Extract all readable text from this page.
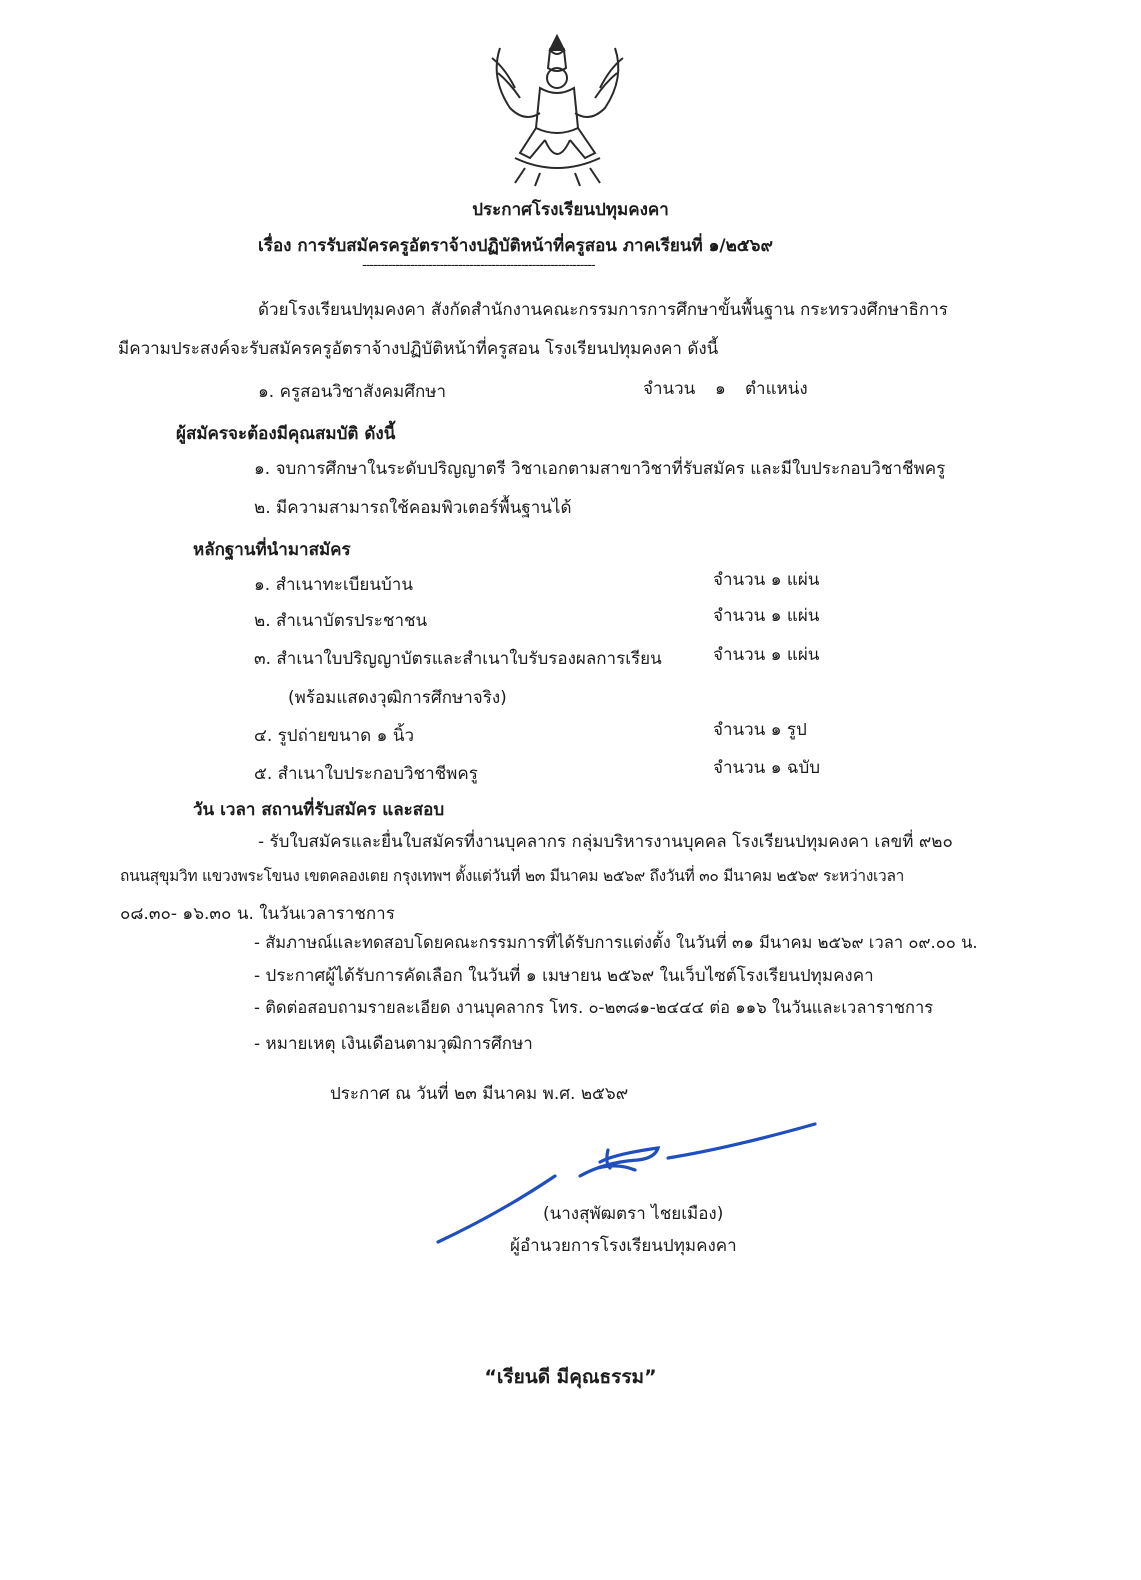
ประกาศโรงเรียนปทุมคงคา
เรื่อง การรับสมัครครูอัตราจ้างปฏิบัติหน้าที่ครูสอน ภาคเรียนที่ ๑/๒๕๖๙
---------------------------------------------------------------
ด้วยโรงเรียนปทุมคงคา สังกัดสำนักงานคณะกรรมการการศึกษาขั้นพื้นฐาน กระทรวงศึกษาธิการ
มีความประสงค์จะรับสมัครครูอัตราจ้างปฏิบัติหน้าที่ครูสอน โรงเรียนปทุมคงคา ดังนี้
๑. ครูสอนวิชาสังคมศึกษา	จำนวน ๑ ตำแหน่ง
ผู้สมัครจะต้องมีคุณสมบัติ ดังนี้
๑. จบการศึกษาในระดับปริญญาตรี วิชาเอกตามสาขาวิชาที่รับสมัคร และมีใบประกอบวิชาชีพครู
๒. มีความสามารถใช้คอมพิวเตอร์พื้นฐานได้
หลักฐานที่นำมาสมัคร
๑. สำเนาทะเบียนบ้าน	จำนวน ๑ แผ่น
๒. สำเนาบัตรประชาชน	จำนวน ๑ แผ่น
๓. สำเนาใบปริญญาบัตรและสำเนาใบรับรองผลการเรียน	จำนวน ๑ แผ่น
(พร้อมแสดงวุฒิการศึกษาจริง)
๔. รูปถ่ายขนาด ๑ นิ้ว	จำนวน ๑ รูป
๕. สำเนาใบประกอบวิชาชีพครู	จำนวน ๑ ฉบับ
วัน เวลา สถานที่รับสมัคร และสอบ
- รับใบสมัครและยื่นใบสมัครที่งานบุคลากร กลุ่มบริหารงานบุคคล โรงเรียนปทุมคงคา เลขที่ ๙๒๐
ถนนสุขุมวิท แขวงพระโขนง เขตคลองเตย กรุงเทพฯ ตั้งแต่วันที่ ๒๓ มีนาคม ๒๕๖๙ ถึงวันที่ ๓๐ มีนาคม ๒๕๖๙ ระหว่างเวลา
๐๘.๓๐- ๑๖.๓๐ น. ในวันเวลาราชการ
- สัมภาษณ์และทดสอบโดยคณะกรรมการที่ได้รับการแต่งตั้ง ในวันที่ ๓๑ มีนาคม ๒๕๖๙ เวลา ๐๙.๐๐ น.
- ประกาศผู้ได้รับการคัดเลือก ในวันที่ ๑ เมษายน ๒๕๖๙ ในเว็บไซต์โรงเรียนปทุมคงคา
- ติดต่อสอบถามรายละเอียด งานบุคลากร โทร. ๐-๒๓๘๑-๒๔๔๔ ต่อ ๑๑๖ ในวันและเวลาราชการ
- หมายเหตุ เงินเดือนตามวุฒิการศึกษา
ประกาศ ณ วันที่ ๒๓ มีนาคม พ.ศ. ๒๕๖๙
(นางสุพัฒตรา ไชยเมือง)
ผู้อำนวยการโรงเรียนปทุมคงคา
“เรียนดี มีคุณธรรม”
